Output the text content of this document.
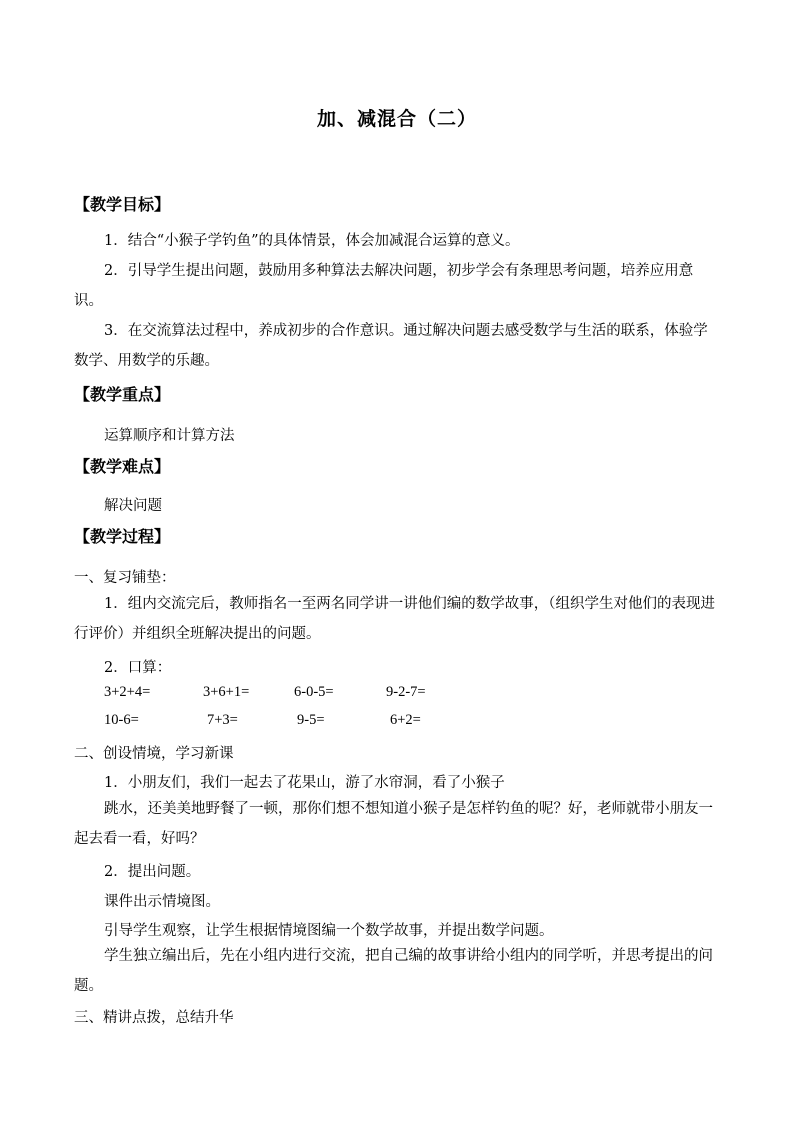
加、减混合（二）
【教学目标】
1．结合“小猴子学钓鱼”的具体情景，体会加减混合运算的意义。
2．引导学生提出问题，鼓励用多种算法去解决问题，初步学会有条理思考问题，培养应用意识。
3．在交流算法过程中，养成初步的合作意识。通过解决问题去感受数学与生活的联系，体验学数学、用数学的乐趣。
【教学重点】
运算顺序和计算方法
【教学难点】
解决问题
【教学过程】
一、复习铺垫：
1．组内交流完后，教师指名一至两名同学讲一讲他们编的数学故事，（组织学生对他们的表现进行评价）并组织全班解决提出的问题。
2．口算：
3+2+4=	3+6+1=	6-0-5=	9-2-7=
10-6=	7+3=	9-5=	6+2=
二、创设情境，学习新课
1．小朋友们，我们一起去了花果山，游了水帘洞，看了小猴子
跳水，还美美地野餐了一顿，那你们想不想知道小猴子是怎样钓鱼的呢？好，老师就带小朋友一起去看一看，好吗？
2．提出问题。
课件出示情境图。
引导学生观察，让学生根据情境图编一个数学故事，并提出数学问题。
学生独立编出后，先在小组内进行交流，把自己编的故事讲给小组内的同学听，并思考提出的问题。
三、精讲点拨，总结升华
